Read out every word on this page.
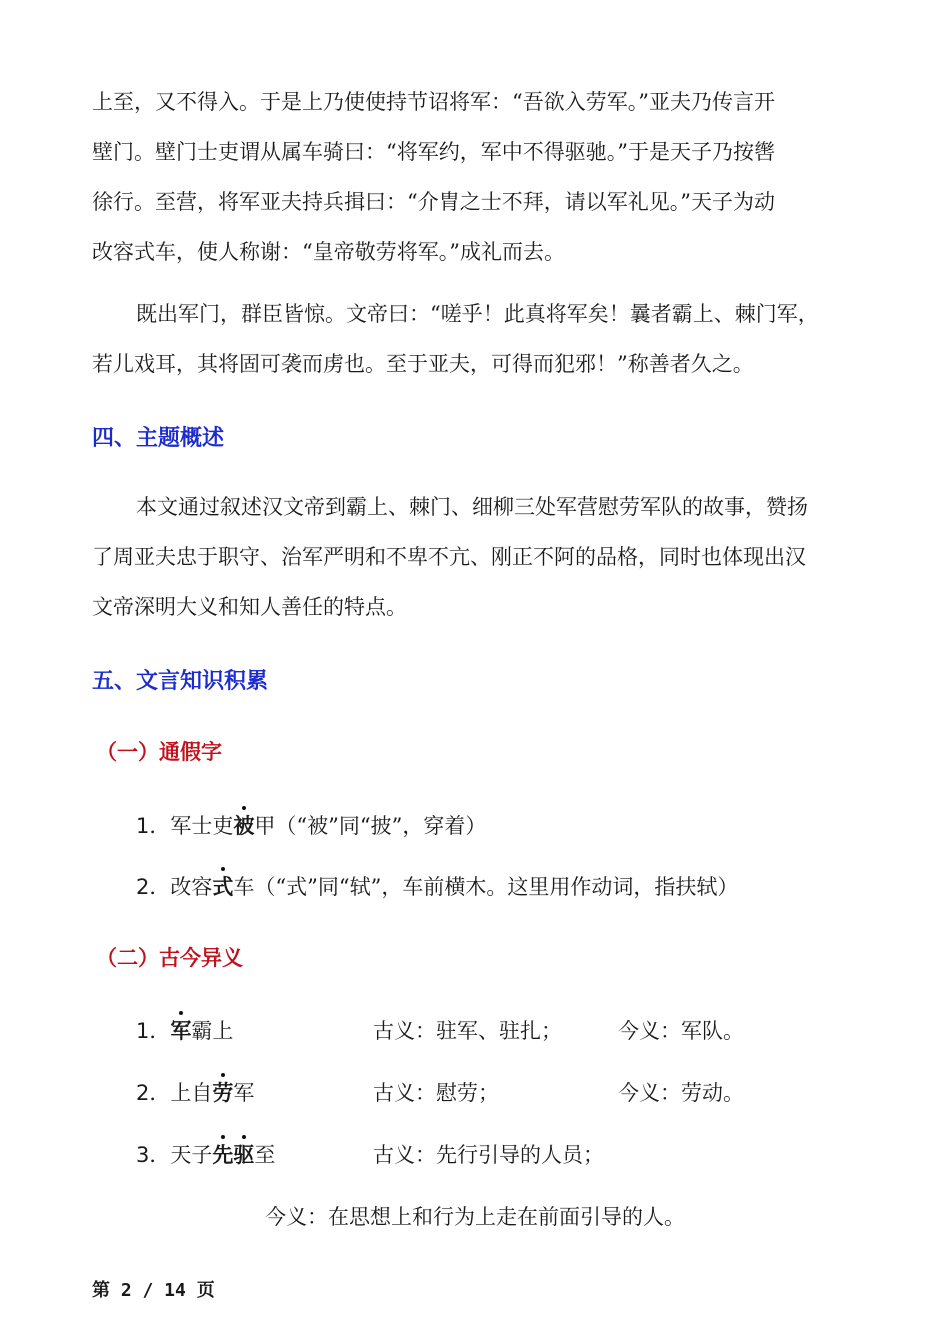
上至，又不得入。于是上乃使使持节诏将军：“吾欲入劳军。”亚夫乃传言开
壁门。壁门士吏谓从属车骑曰：“将军约，军中不得驱驰。”于是天子乃按辔
徐行。至营，将军亚夫持兵揖曰：“介胄之士不拜，请以军礼见。”天子为动
改容式车，使人称谢：“皇帝敬劳将军。”成礼而去。
既出军门，群臣皆惊。文帝曰：“嗟乎！此真将军矣！曩者霸上、棘门军，
若儿戏耳，其将固可袭而虏也。至于亚夫，可得而犯邪！”称善者久之。
四、主题概述
本文通过叙述汉文帝到霸上、棘门、细柳三处军营慰劳军队的故事，赞扬
了周亚夫忠于职守、治军严明和不卑不亢、刚正不阿的品格，同时也体现出汉
文帝深明大义和知人善任的特点。
五、文言知识积累
（一）通假字
1．军士吏被甲（“被”同“披”，穿着）
2．改容式车（“式”同“轼”，车前横木。这里用作动词，指扶轼）
（二）古今异义
1．军霸上	古义：驻军、驻扎；	今义：军队。
2．上自劳军	古义：慰劳；	今义：劳动。
3．天子先驱至	古义：先行引导的人员；
今义：在思想上和行为上走在前面引导的人。
第 2 / 14 页
